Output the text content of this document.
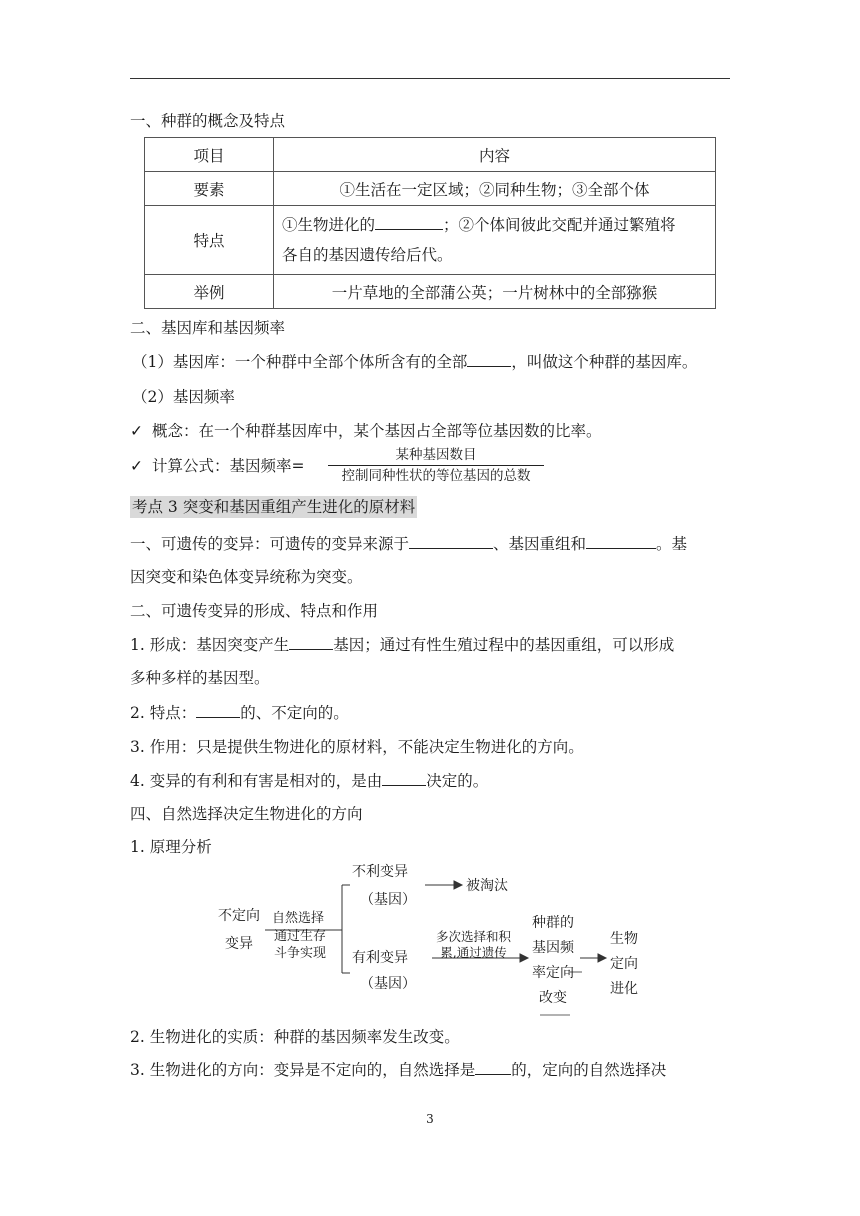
一、种群的概念及特点
项目	内容
要素	①生活在一定区域；②同种生物；③全部个体
特点	①生物进化的 ；②个体间彼此交配并通过繁殖将
各自的基因遗传给后代。
举例	一片草地的全部蒲公英；一片树林中的全部猕猴
二、基因库和基因频率
（1）基因库：一个种群中全部个体所含有的全部	，叫做这个种群的基因库。
（2）基因频率
✓ 概念：在一个种群基因库中，某个基因占全部等位基因数的比率。
✓ 计算公式：基因频率=
某种基因数目
控制同种性状的等位基因的总数
考点 3 突变和基因重组产生进化的原材料
一、可遗传的变异：可遗传的变异来源于	、基因重组和	。基
因突变和染色体变异统称为突变。
二、可遗传变异的形成、特点和作用
1. 形成：基因突变产生	基因；通过有性生殖过程中的基因重组，可以形成
多种多样的基因型。
2. 特点：	的、不定向的。
3. 作用：只是提供生物进化的原材料，不能决定生物进化的方向。
4. 变异的有利和有害是相对的，是由	决定的。
四、自然选择决定生物进化的方向
1. 原理分析
不定向
变异
自然选择
通过生存
斗争实现
不利变异
（基因）
被淘汰
有利变异
（基因）
多次选择和积
累,通过遗传
种群的
基因频
率定向
改变
生物
定向
进化
2. 生物进化的实质：种群的基因频率发生改变。
3. 生物进化的方向：变异是不定向的，自然选择是 的，定向的自然选择决
3
